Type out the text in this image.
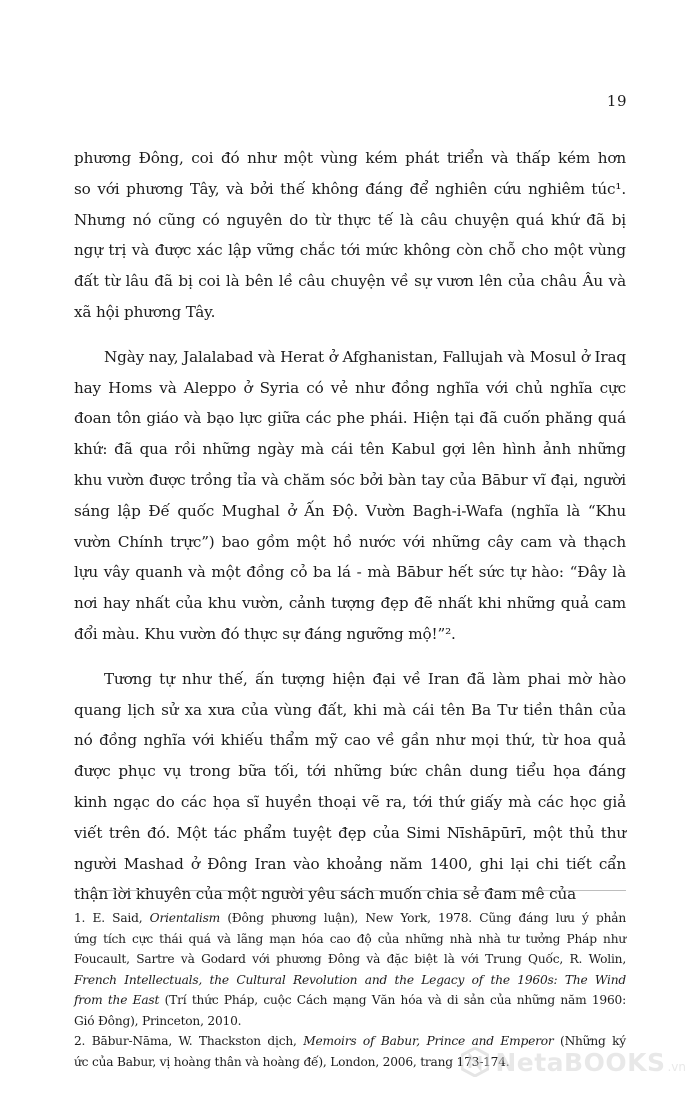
19
phương Đông, coi đó như một vùng kém phát triển và thấp kém hơn
so với phương Tây, và bởi thế không đáng để nghiên cứu nghiêm túc¹.
Nhưng nó cũng có nguyên do từ thực tế là câu chuyện quá khứ đã bị
ngự trị và được xác lập vững chắc tới mức không còn chỗ cho một vùng
đất từ lâu đã bị coi là bên lề câu chuyện về sự vươn lên của châu Âu và
xã hội phương Tây.
Ngày nay, Jalalabad và Herat ở Afghanistan, Fallujah và Mosul ở Iraq
hay Homs và Aleppo ở Syria có vẻ như đồng nghĩa với chủ nghĩa cực
đoan tôn giáo và bạo lực giữa các phe phái. Hiện tại đã cuốn phăng quá
khứ: đã qua rồi những ngày mà cái tên Kabul gợi lên hình ảnh những
khu vườn được trồng tỉa và chăm sóc bởi bàn tay của Bābur vĩ đại, người
sáng lập Đế quốc Mughal ở Ấn Độ. Vườn Bagh-i-Wafa (nghĩa là “Khu
vườn Chính trực”) bao gồm một hồ nước với những cây cam và thạch
lựu vây quanh và một đồng cỏ ba lá - mà Bābur hết sức tự hào: “Đây là
nơi hay nhất của khu vườn, cảnh tượng đẹp đẽ nhất khi những quả cam
đổi màu. Khu vườn đó thực sự đáng ngưỡng mộ!”².
Tương tự như thế, ấn tượng hiện đại về Iran đã làm phai mờ hào
quang lịch sử xa xưa của vùng đất, khi mà cái tên Ba Tư tiền thân của
nó đồng nghĩa với khiếu thẩm mỹ cao về gần như mọi thứ, từ hoa quả
được phục vụ trong bữa tối, tới những bức chân dung tiểu họa đáng
kinh ngạc do các họa sĩ huyền thoại vẽ ra, tới thứ giấy mà các học giả
viết trên đó. Một tác phẩm tuyệt đẹp của Simi Nīshāpūrī, một thủ thư
người Mashad ở Đông Iran vào khoảng năm 1400, ghi lại chi tiết cẩn
thận lời khuyên của một người yêu sách muốn chia sẻ đam mê của
1. E. Said, Orientalism (Đông phương luận), New York, 1978. Cũng đáng lưu ý phản
ứng tích cực thái quá và lãng mạn hóa cao độ của những nhà nhà tư tưởng Pháp như
Foucault, Sartre và Godard với phương Đông và đặc biệt là với Trung Quốc, R. Wolin,
French Intellectuals, the Cultural Revolution and the Legacy of the 1960s: The Wind
from the East (Trí thức Pháp, cuộc Cách mạng Văn hóa và di sản của những năm 1960:
Gió Đông), Princeton, 2010.
2. Bābur-Nāma, W. Thackston dịch, Memoirs of Babur, Prince and Emperor (Những ký
ức của Babur, vị hoàng thân và hoàng đế), London, 2006, trang 173-174.
NetaBOOKS .vn
